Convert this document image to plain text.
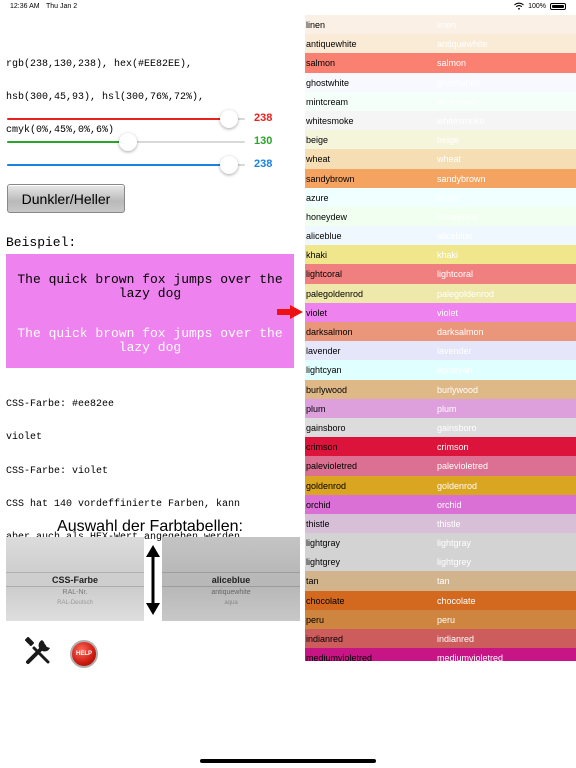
12:36 AM Thu Jan 2	100%

rgb(238,130,238), hex(#EE82EE),

hsb(300,45,93), hsl(300,76%,72%),

cmyk(0%,45%,0%,6%)

238
130
238
Dunkler/Heller
Beispiel:
The quick brown fox jumps over the lazy dog
The quick brown fox jumps over the lazy dog

CSS-Farbe: #ee82ee

violet

CSS-Farbe: violet

CSS hat 140 vordeffinierte Farben, kann

Auswahl der Farbtabellen:
CSS-Farbe
RAL-Nr.
RAL-Deutsch
aliceblue
antiquewhite
aqua
HELP
linen	linen
antiquewhite	antiquewhite
salmon	salmon
ghostwhite	ghostwhite
mintcream	mintcream
whitesmoke	whitesmoke
beige	beige
wheat	wheat
sandybrown	sandybrown
azure	azure
honeydew	honeydew
aliceblue	aliceblue
khaki	khaki
lightcoral	lightcoral
palegoldenrod	palegoldenrod
violet	violet
darksalmon	darksalmon
lavender	lavender
lightcyan	lightcyan
burlywood	burlywood
plum	plum
gainsboro	gainsboro
crimson	crimson
palevioletred	palevioletred
goldenrod	goldenrod
orchid	orchid
thistle	thistle
lightgray	lightgray
lightgrey	lightgrey
tan	tan
chocolate	chocolate
peru	peru
indianred	indianred
mediumvioletred	mediumvioletred
